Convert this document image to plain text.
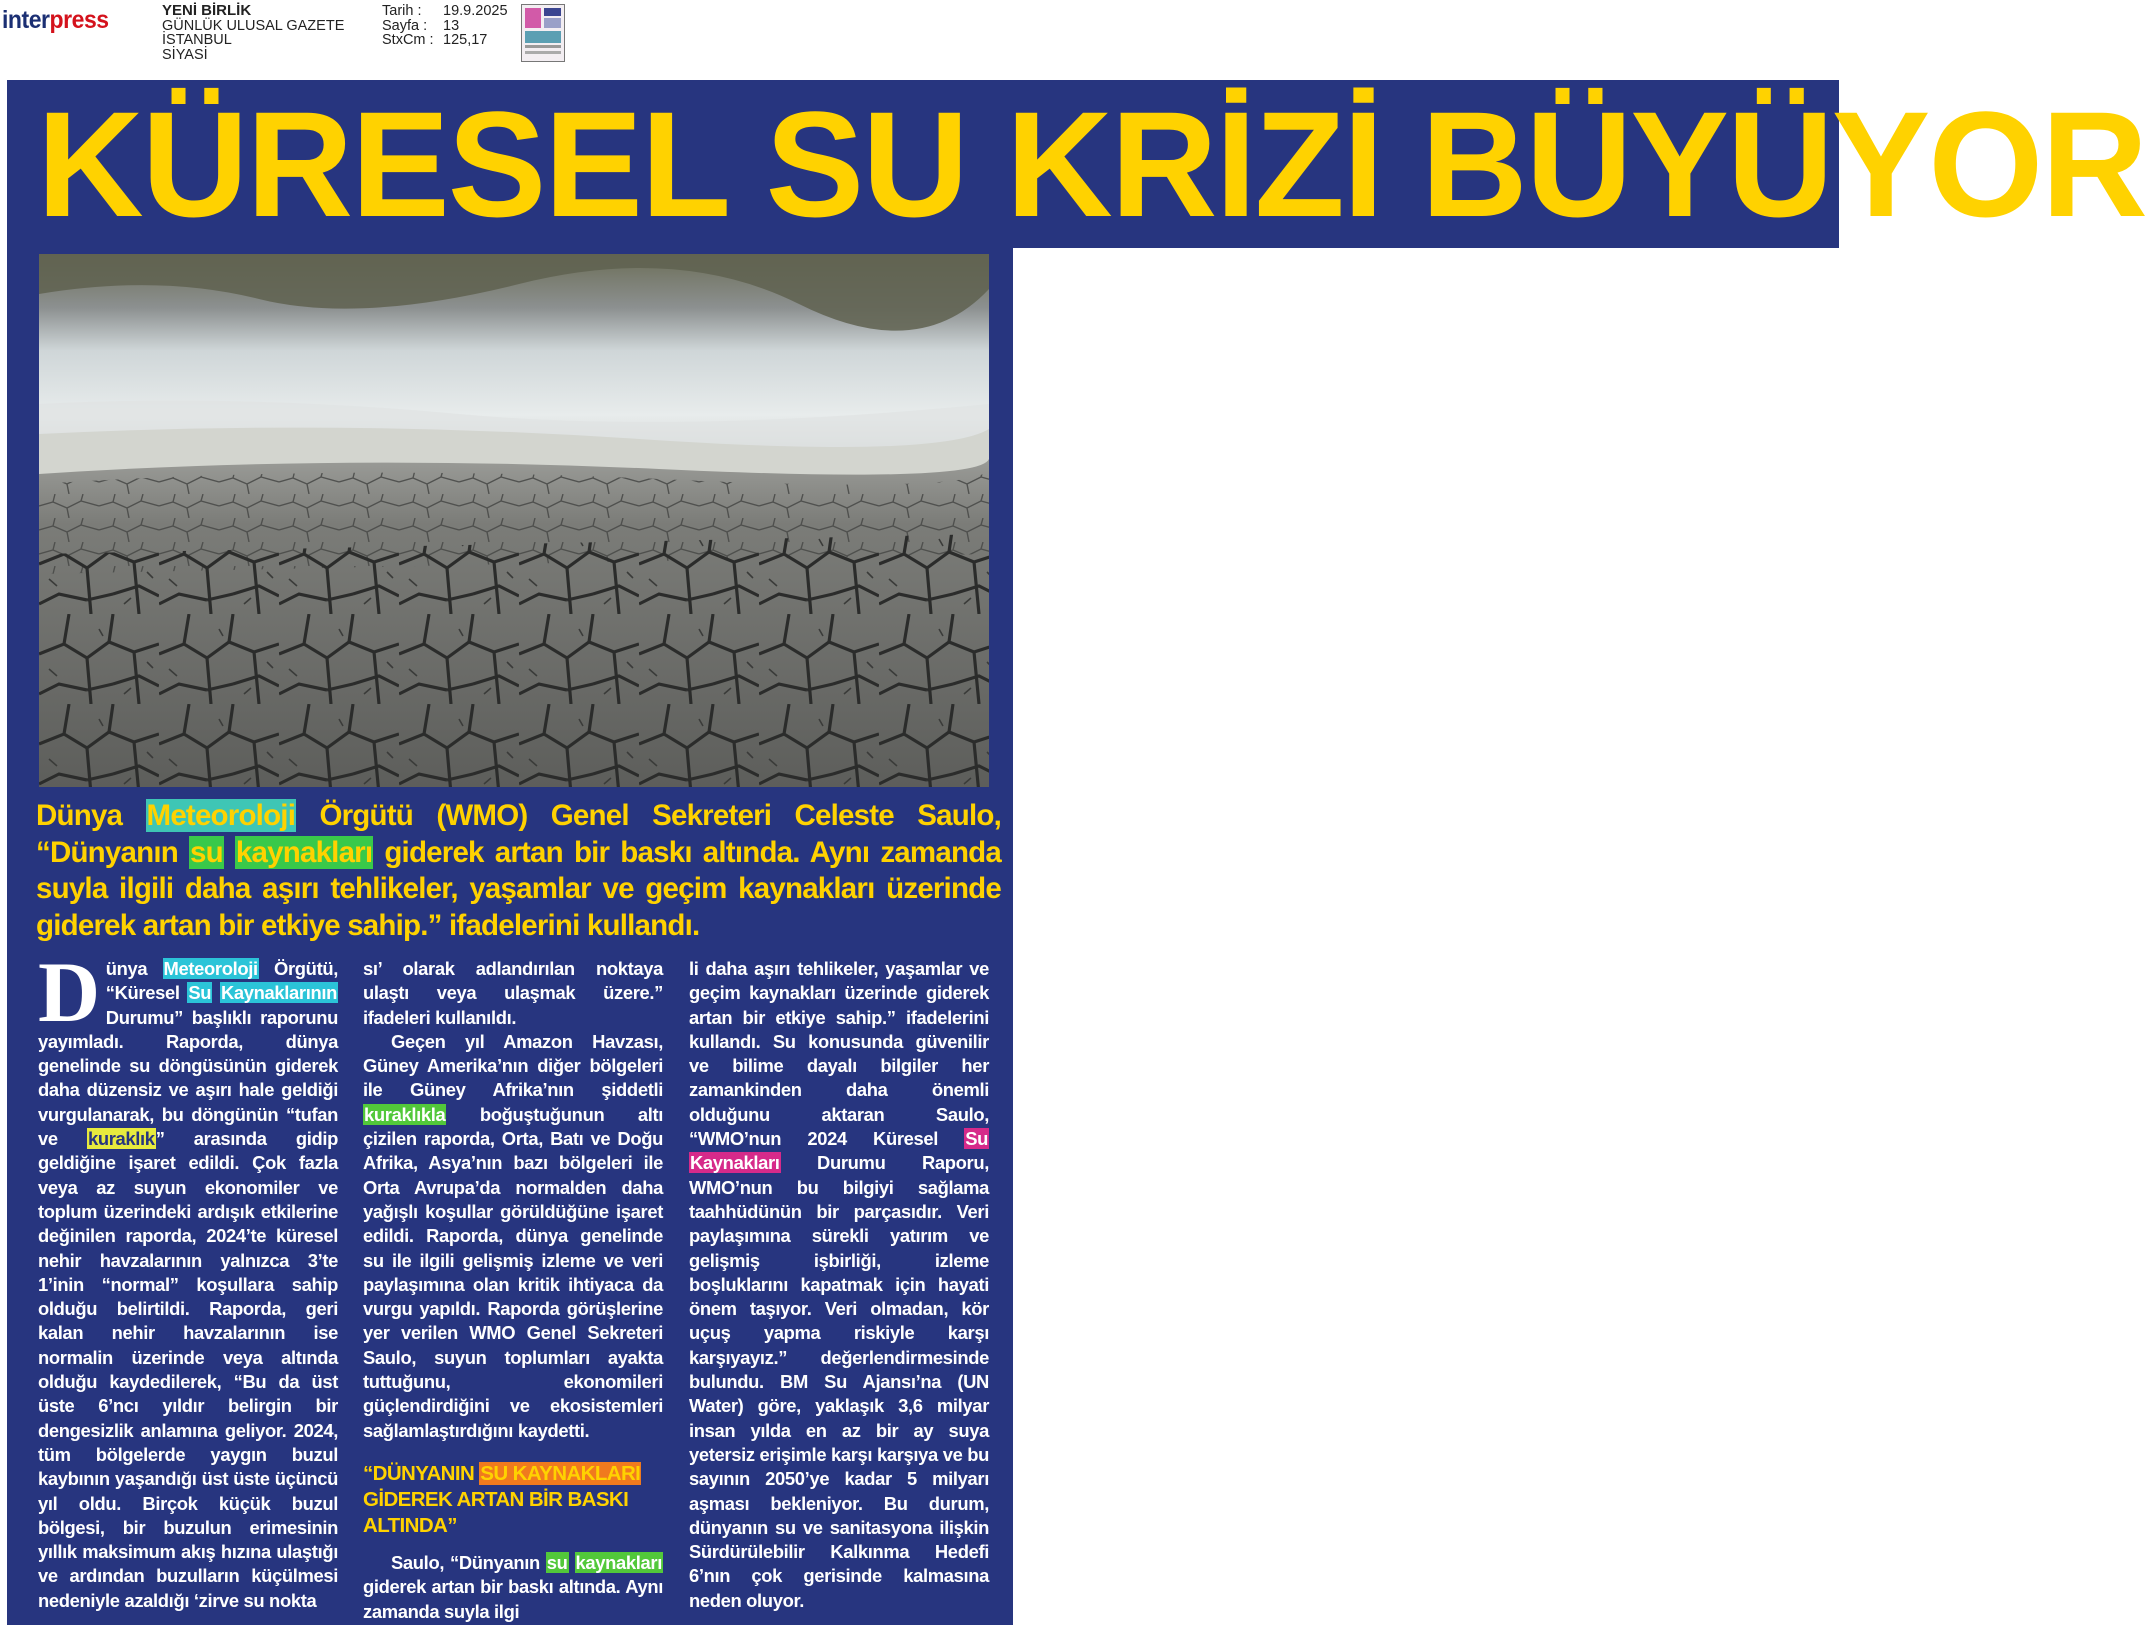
interpress	YENİ BİRLİK
GÜNLÜK ULUSAL GAZETE
İSTANBUL
SİYASİ
Tarih :	19.9.2025
Sayfa :	13
StxCm : 125,17
KÜRESEL SU KRİZİ BÜYÜYOR
Dünya Meteoroloji Örgütü (WMO) Genel Sekreteri Celeste Saulo, “Dünyanın su kaynakları giderek artan bir baskı altında. Aynı zamanda suyla ilgili daha aşırı tehlikeler, yaşamlar ve geçim kaynakları üzerinde giderek artan bir etkiye sahip.” ifadelerini kullandı.

Dünya Meteoroloji Örgütü, “Küresel Su Kaynaklarının Durumu” başlıklı raporunu yayımladı. Raporda, dünya genelinde su döngüsünün giderek daha düzensiz ve aşırı hale geldiği vurgulanarak, bu döngünün “tufan ve kuraklık” arasında gidip geldiğine işaret edildi. Çok fazla veya az suyun ekonomiler ve toplum üzerindeki ardışık etkilerine değinilen raporda, 2024’te küresel nehir havzalarının yalnızca 3’te 1’inin “normal” koşullara sahip olduğu belirtildi. Raporda, geri kalan nehir havzalarının ise normalin üzerinde veya altında olduğu kaydedilerek, “Bu da üst üste 6’ncı yıldır belirgin bir dengesizlik anlamına geliyor. 2024, tüm bölgelerde yaygın buzul kaybının yaşandığı üst üste üçüncü yıl oldu. Birçok küçük buzul bölgesi, bir buzulun erimesinin yıllık maksimum akış hızına ulaştığı ve ardından buzulların küçülmesi nedeniyle azaldığı ‘zirve su nokta

sı’ olarak adlandırılan noktaya ulaştı veya ulaşmak üzere.” ifadeleri kullanıldı.

Geçen yıl Amazon Havzası, Güney Amerika’nın diğer bölgeleri ile Güney Afrika’nın şiddetli kuraklıkla boğuştuğunun altı çizilen raporda, Orta, Batı ve Doğu Afrika, Asya’nın bazı bölgeleri ile Orta Avrupa’da normalden daha yağışlı koşullar görüldüğüne işaret edildi. Raporda, dünya genelinde su ile ilgili gelişmiş izleme ve veri paylaşımına olan kritik ihtiyaca da vurgu yapıldı. Raporda görüşlerine yer verilen WMO Genel Sekreteri Saulo, suyun toplumları ayakta tuttuğunu, ekonomileri güçlendirdiğini ve ekosistemleri sağlamlaştırdığını kaydetti.

“DÜNYANIN SU KAYNAKLARI GİDEREK ARTAN BİR BASKI ALTINDA”

Saulo, “Dünyanın su kaynakları giderek artan bir baskı altında. Aynı zamanda suyla ilgi

li daha aşırı tehlikeler, yaşamlar ve geçim kaynakları üzerinde giderek artan bir etkiye sahip.” ifadelerini kullandı. Su konusunda güvenilir ve bilime dayalı bilgiler her zamankinden daha önemli olduğunu aktaran Saulo, “WMO’nun 2024 Küresel Su Kaynakları Durumu Raporu, WMO’nun bu bilgiyi sağlama taahhüdünün bir parçasıdır. Veri paylaşımına sürekli yatırım ve gelişmiş işbirliği, izleme boşluklarını kapatmak için hayati önem taşıyor. Veri olmadan, kör uçuş yapma riskiyle karşı karşıyayız.” değerlendirmesinde bulundu. BM Su Ajansı’na (UN Water) göre, yaklaşık 3,6 milyar insan yılda en az bir ay suya yetersiz erişimle karşı karşıya ve bu sayının 2050’ye kadar 5 milyarı aşması bekleniyor. Bu durum, dünyanın su ve sanitasyona ilişkin Sürdürülebilir Kalkınma Hedefi 6’nın çok gerisinde kalmasına neden oluyor.
